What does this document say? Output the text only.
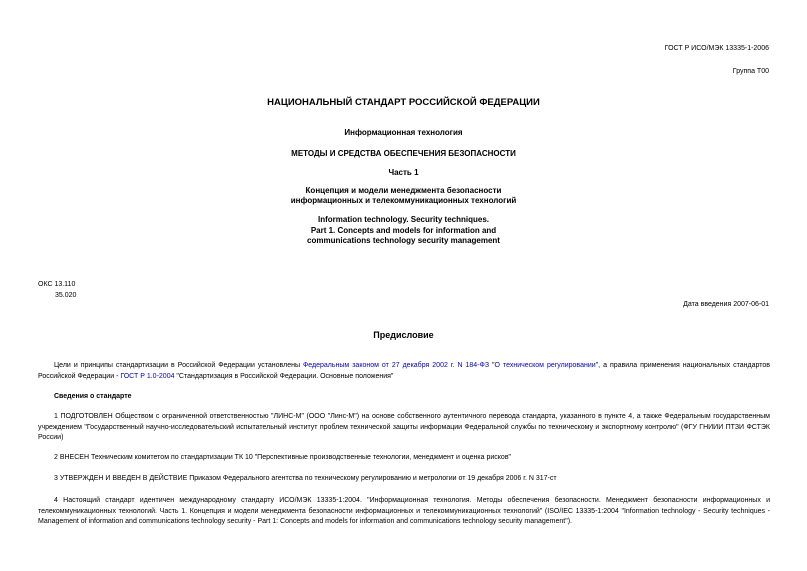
ГОСТ Р ИСО/МЭК 13335-1-2006
Группа Т00
НАЦИОНАЛЬНЫЙ СТАНДАРТ РОССИЙСКОЙ ФЕДЕРАЦИИ
Информационная технология
МЕТОДЫ И СРЕДСТВА ОБЕСПЕЧЕНИЯ БЕЗОПАСНОСТИ
Часть 1
Концепция и модели менеджмента безопасности
информационных и телекоммуникационных технологий
Information technology. Security techniques.
Part 1. Concepts and models for information and
communications technology security management
ОКС 13.110
35.020
Дата введения 2007-06-01
Предисловие
Цели и принципы стандартизации в Российской Федерации установлены Федеральным законом от 27 декабря 2002 г. N 184-ФЗ "О техническом регулировании", а правила применения национальных стандартов Российской Федерации - ГОСТ Р 1.0-2004 "Стандартизация в Российской Федерации. Основные положения"
Сведения о стандарте
1 ПОДГОТОВЛЕН Обществом с ограниченной ответственностью "ЛИНС-М" (ООО "Линс-М") на основе собственного аутентичного перевода стандарта, указанного в пункте 4, а также Федеральным государственным учреждением "Государственный научно-исследовательский испытательный институт проблем технической защиты информации Федеральной службы по техническому и экспортному контролю" (ФГУ ГНИИИ ПТЗИ ФСТЭК России)
2 ВНЕСЕН Техническим комитетом по стандартизации ТК 10 "Перспективные производственные технологии, менеджмент и оценка рисков"
3 УТВЕРЖДЕН И ВВЕДЕН В ДЕЙСТВИЕ Приказом Федерального агентства по техническому регулированию и метрологии от 19 декабря 2006 г. N 317-ст
4 Настоящий стандарт идентичен международному стандарту ИСО/МЭК 13335-1:2004. "Информационная технология. Методы обеспечения безопасности. Менеджмент безопасности информационных и телекоммуникационных технологий. Часть 1. Концепция и модели менеджмента безопасности информационных и телекоммуникационных технологий" (ISO/IEC 13335-1:2004 "Information technology - Security techniques - Management of information and communications technology security - Part 1: Concepts and models for information and communications technology security management").
